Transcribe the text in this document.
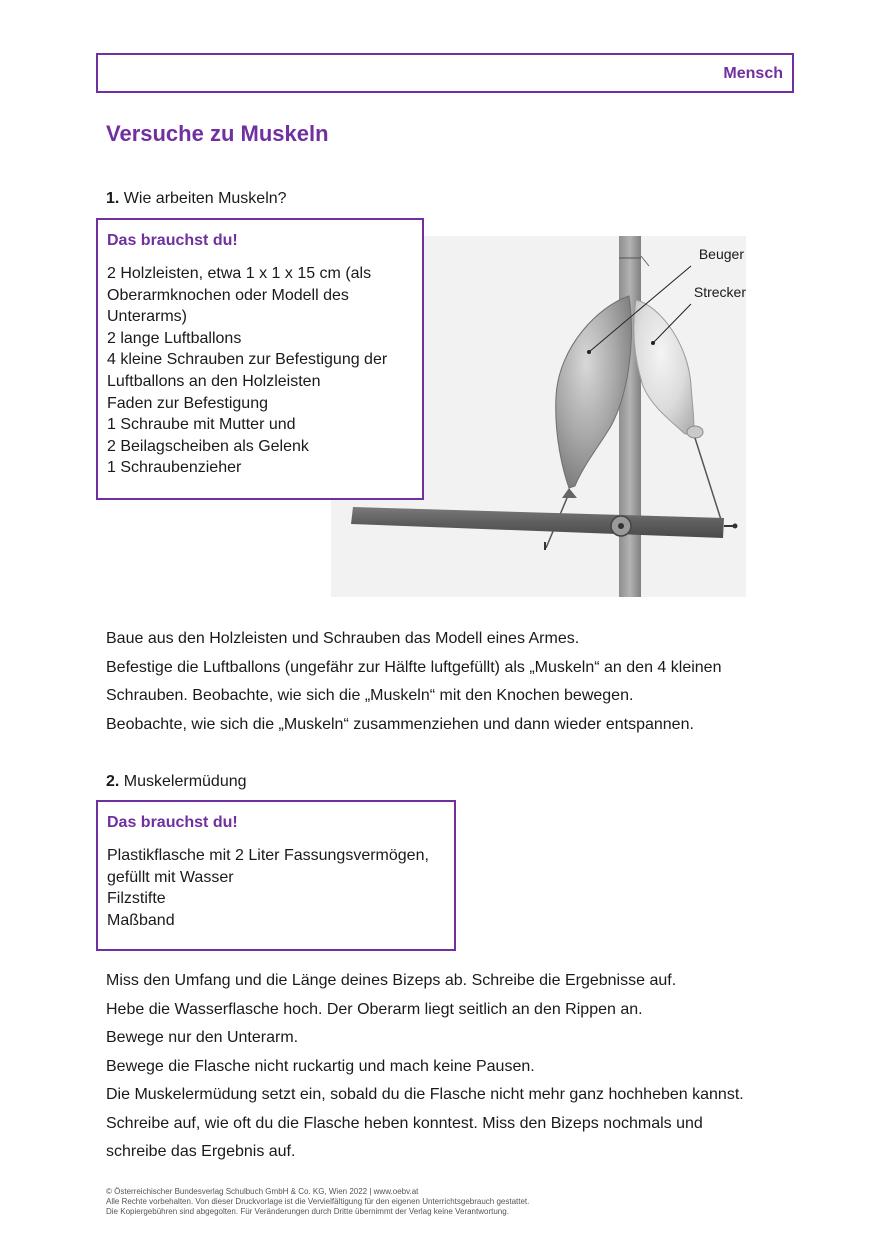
Mensch
Versuche zu Muskeln

1. Wie arbeiten Muskeln?

Das brauchst du!

2 Holzleisten, etwa 1 x 1 x 15 cm (als
Oberarmknochen oder Modell des
Unterarms)
2 lange Luftballons
4 kleine Schrauben zur Befestigung der
Luftballons an den Holzleisten
Faden zur Befestigung
1 Schraube mit Mutter und
2 Beilagscheiben als Gelenk
1 Schraubenzieher
Beuger
Strecker
Baue aus den Holzleisten und Schrauben das Modell eines Armes.
Befestige die Luftballons (ungefähr zur Hälfte luftgefüllt) als „Muskeln“ an den 4 kleinen
Schrauben. Beobachte, wie sich die „Muskeln“ mit den Knochen bewegen.
Beobachte, wie sich die „Muskeln“ zusammenziehen und dann wieder entspannen.

2. Muskelermüdung

Das brauchst du!

Plastikflasche mit 2 Liter Fassungsvermögen,
gefüllt mit Wasser
Filzstifte
Maßband
Miss den Umfang und die Länge deines Bizeps ab. Schreibe die Ergebnisse auf.
Hebe die Wasserflasche hoch. Der Oberarm liegt seitlich an den Rippen an.
Bewege nur den Unterarm.
Bewege die Flasche nicht ruckartig und mach keine Pausen.
Die Muskelermüdung setzt ein, sobald du die Flasche nicht mehr ganz hochheben kannst.
Schreibe auf, wie oft du die Flasche heben konntest. Miss den Bizeps nochmals und
schreibe das Ergebnis auf.
© Österreichischer Bundesverlag Schulbuch GmbH & Co. KG, Wien 2022 | www.oebv.at
Alle Rechte vorbehalten. Von dieser Druckvorlage ist die Vervielfältigung für den eigenen Unterrichtsgebrauch gestattet.
Die Kopiergebühren sind abgegolten. Für Veränderungen durch Dritte übernimmt der Verlag keine Verantwortung.
